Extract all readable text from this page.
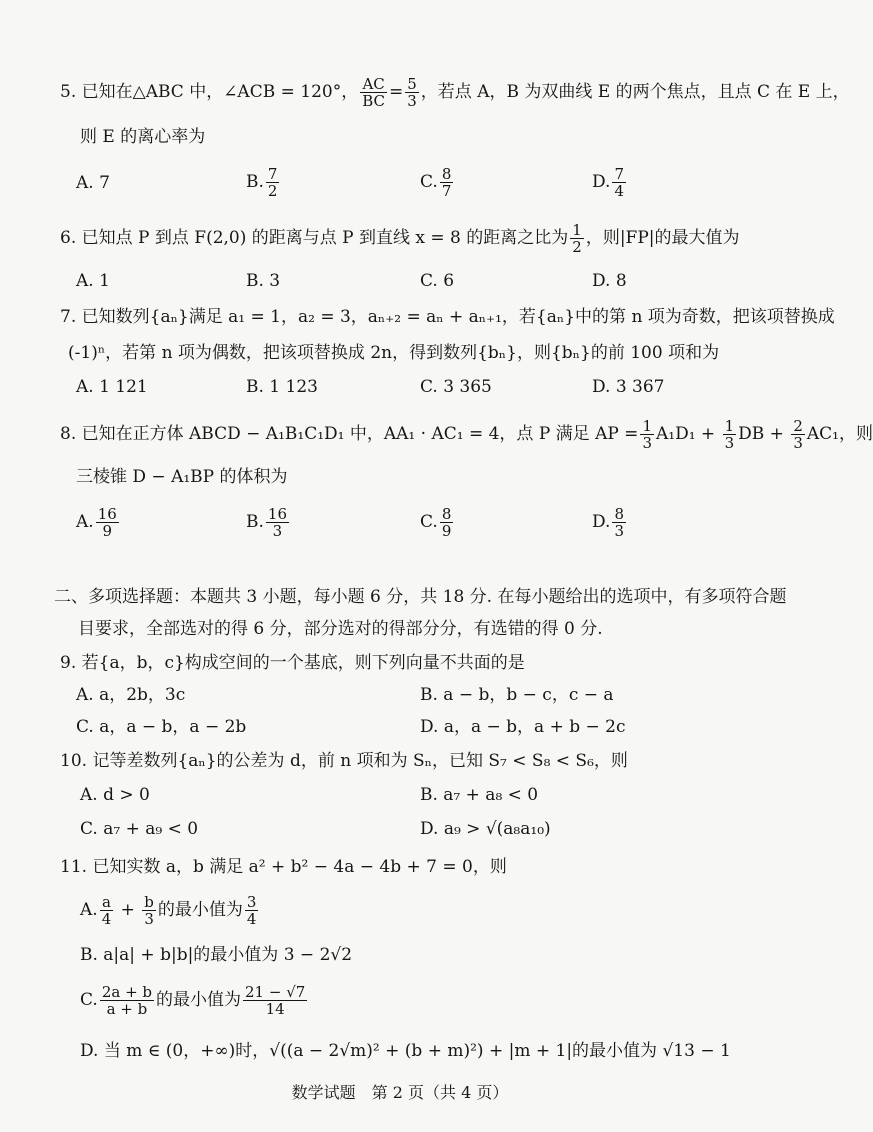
5. 已知在△ABC 中，∠ACB = 120°， $\frac{AC}{BC} = \frac{5}{3}$ ，若点 A，B 为双曲线 E 的两个焦点，且点 C 在 E 上，
则 E 的离心率为
A. 7	B. $\frac{7}{2}$	C. $\frac{8}{7}$	D. $\frac{7}{4}$
6. 已知点 P 到点 F(2,0) 的距离与点 P 到直线 x = 8 的距离之比为 $\frac{1}{2}$ ，则|FP|的最大值为
A. 1	B. 3	C. 6	D. 8
7. 已知数列{aₙ}满足 a₁ = 1，a₂ = 3，aₙ₊₂ = aₙ + aₙ₊₁，若{aₙ}中的第 n 项为奇数，把该项替换成
(-1)ⁿ，若第 n 项为偶数，把该项替换成 2n，得到数列{bₙ}，则{bₙ}的前 100 项和为
A. 1 121	B. 1 123	C. 3 365	D. 3 367
8. 已知在正方体 ABCD − A₁B₁C₁D₁ 中，AA₁ · AC₁ = 4，点 P 满足 AP = $\frac{1}{3} A_1D_1 + \frac{1}{3}$ DB + $\frac{2}{3} AC_1$，则
三棱锥 D − A₁BP 的体积为
A. $\frac{16}{9}$	B. $\frac{16}{3}$	C. $\frac{8}{9}$	D. $\frac{8}{3}$
二、多项选择题：本题共 3 小题，每小题 6 分，共 18 分. 在每小题给出的选项中，有多项符合题
目要求，全部选对的得 6 分，部分选对的得部分分，有选错的得 0 分.
9. 若{a，b，c}构成空间的一个基底，则下列向量不共面的是
A. a，2b，3c	B. a − b，b − c，c − a
C. a，a − b，a − 2b	D. a，a − b，a + b − 2c
10. 记等差数列{aₙ}的公差为 d，前 n 项和为 Sₙ，已知 S₇ < S₈ < S₆，则
A. d > 0	B. a₇ + a₈ < 0
C. a₇ + a₉ < 0	D. a₉ > √(a₈a₁₀)
11. 已知实数 a，b 满足 a² + b² − 4a − 4b + 7 = 0，则
A. $\frac{a}{4} + \frac{b}{3}$ 的最小值为 $\frac{3}{4}$
B. a|a| + b|b|的最小值为 3 − 2√2
C. $\frac{2a + b}{a + b}$ 的最小值为 $\frac{21 - √7}{14}$
D. 当 m ∈ (0，+∞)时，√((a − 2√m)² + (b + m)²) + |m + 1|的最小值为 √13 − 1
数学试题　第 2 页（共 4 页）
